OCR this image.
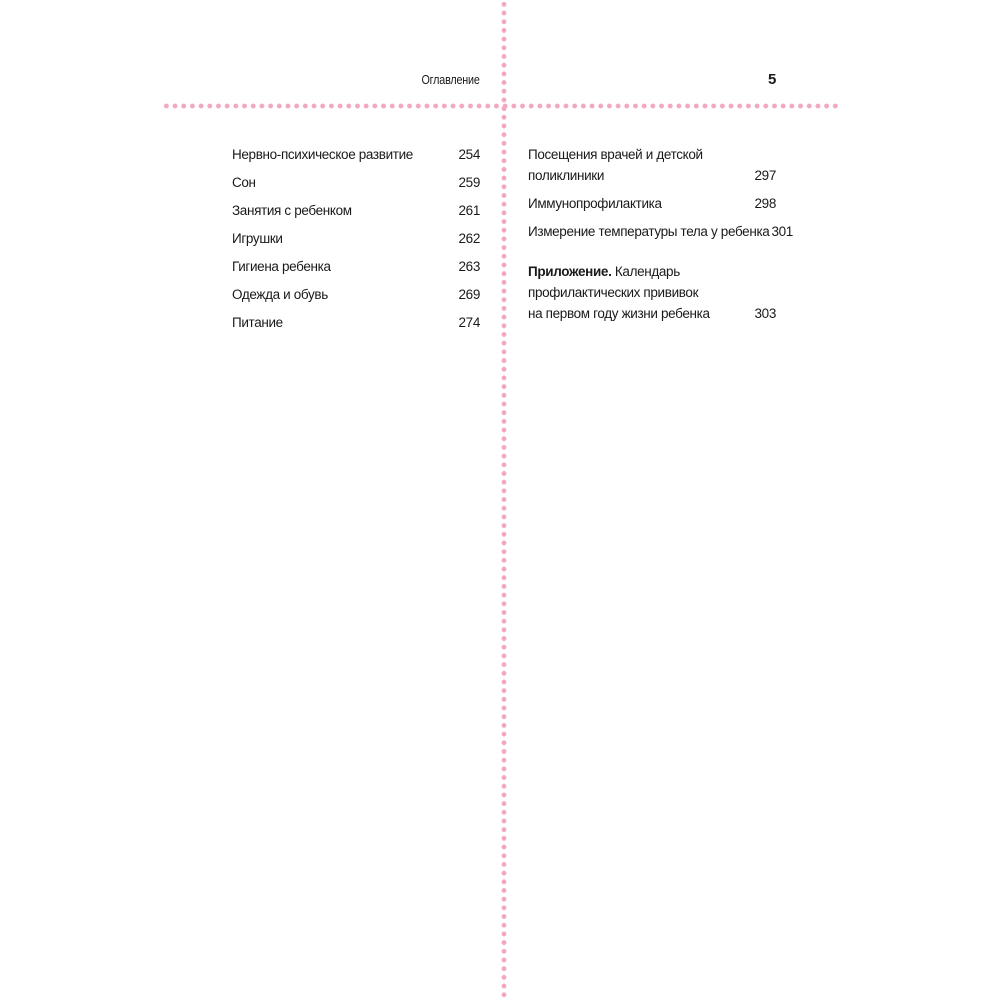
Оглавление	5
Нервно-психическое развитие .....	254
Сон .....	259
Занятия с ребенком .....	261
Игрушки .....	262
Гигиена ребенка .....	263
Одежда и обувь .....	269
Питание .....	274
Посещения врачей и детской
поликлиники .....	297
Иммунопрофилактика .....	298
Измерение температуры тела у ребенка 301
Приложение.
Календарь
профилактических прививок
на первом году жизни ребенка .....	303
